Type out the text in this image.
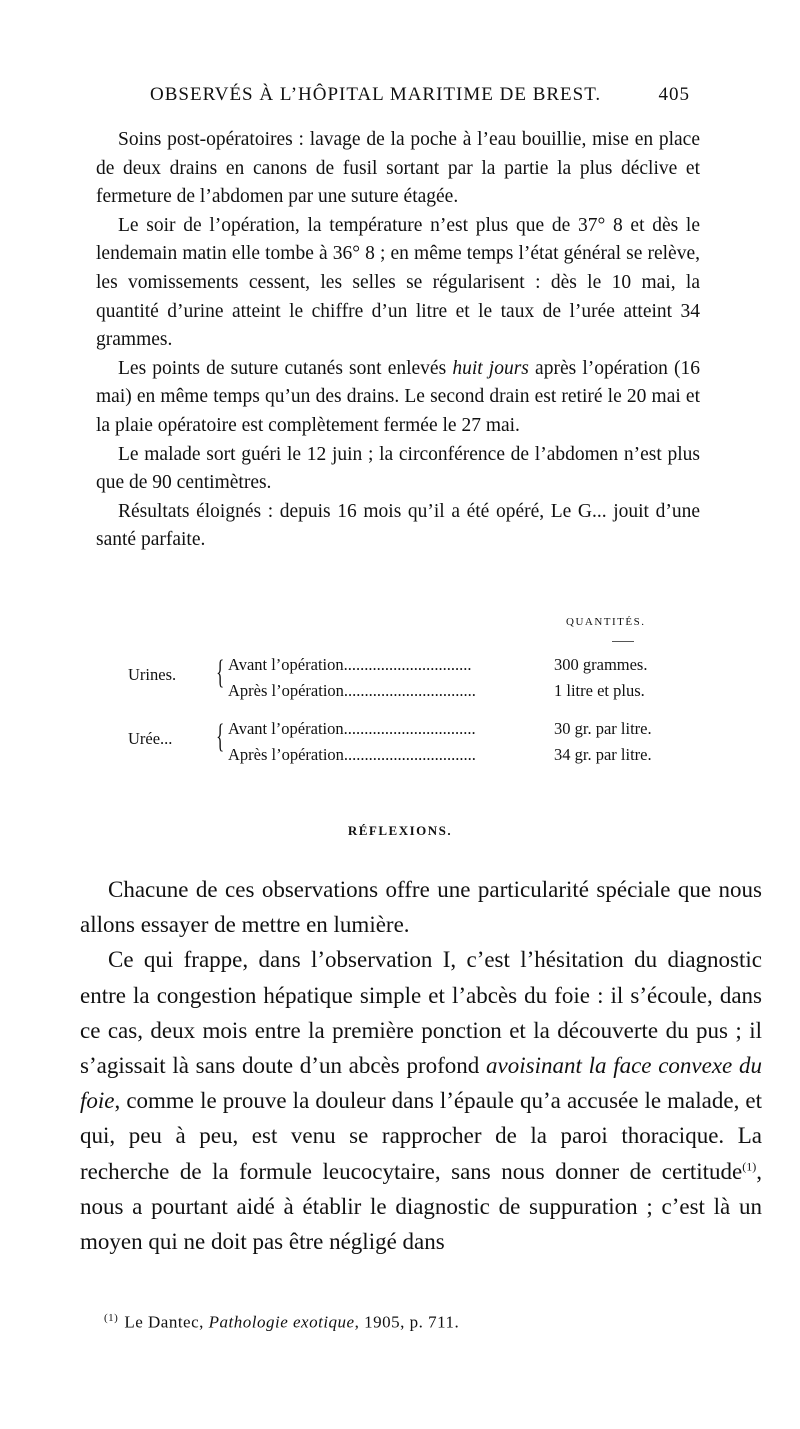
OBSERVÉS À L’HÔPITAL MARITIME DE BREST.	405

Soins post-opératoires : lavage de la poche à l’eau bouillie, mise en place de deux drains en canons de fusil sortant par la partie la plus déclive et fermeture de l’abdomen par une suture étagée.

Le soir de l’opération, la température n’est plus que de 37° 8 et dès le lendemain matin elle tombe à 36° 8 ; en même temps l’état général se relève, les vomissements cessent, les selles se régularisent : dès le 10 mai, la quantité d’urine atteint le chiffre d’un litre et le taux de l’urée atteint 34 grammes.

Les points de suture cutanés sont enlevés huit jours après l’opération (16 mai) en même temps qu’un des drains. Le second drain est retiré le 20 mai et la plaie opératoire est complètement fermée le 27 mai.

Le malade sort guéri le 12 juin ; la circonférence de l’abdomen n’est plus que de 90 centimètres.

Résultats éloignés : depuis 16 mois qu’il a été opéré, Le G... jouit d’une santé parfaite.

QUANTITÉS.
Urines. { Avant l’opération...............................	300 grammes.
Après l’opération................................	1 litre et plus.
Urée... { Avant l’opération................................	30 gr. par litre.
Après l’opération................................	34 gr. par litre.
RÉFLEXIONS.

Chacune de ces observations offre une particularité spéciale que nous allons essayer de mettre en lumière.

Ce qui frappe, dans l’observation I, c’est l’hésitation du diagnostic entre la congestion hépatique simple et l’abcès du foie : il s’écoule, dans ce cas, deux mois entre la première ponction et la découverte du pus ; il s’agissait là sans doute d’un abcès profond avoisinant la face convexe du foie, comme le prouve la douleur dans l’épaule qu’a accusée le malade, et qui, peu à peu, est venu se rapprocher de la paroi thoracique. La recherche de la formule leucocytaire, sans nous donner de certitude$^{(1)}$, nous a pourtant aidé à établir le diagnostic de suppuration ; c’est là un moyen qui ne doit pas être négligé dans

$^{(1)}$ Le Dantec, Pathologie exotique, 1905, p. 711.
